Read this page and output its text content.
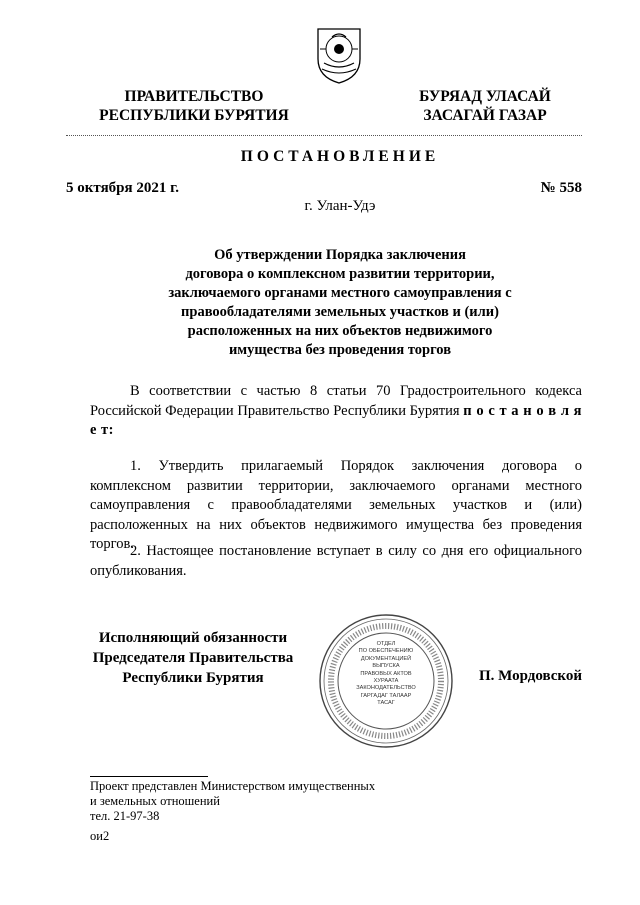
ПРАВИТЕЛЬСТВО
РЕСПУБЛИКИ БУРЯТИЯ
БУРЯАД УЛАСАЙ
ЗАСАГАЙ ГАЗАР
ПОСТАНОВЛЕНИЕ
5 октября 2021 г.	№ 558
г. Улан-Удэ
Об утверждении Порядка заключения
договора о комплексном развитии территории,
заключаемого органами местного самоуправления с
правообладателями земельных участков и (или)
расположенных на них объектов недвижимого
имущества без проведения торгов
В соответствии с частью 8 статьи 70 Градостроительного кодекса Российской Федерации Правительство Республики Бурятия п о с т а н о в л я е т:
1. Утвердить прилагаемый Порядок заключения договора о комплексном развитии территории, заключаемого органами местного самоуправления с правообладателями земельных участков и (или) расположенных на них объектов недвижимого имущества без проведения торгов.
2. Настоящее постановление вступает в силу со дня его официального опубликования.
Исполняющий обязанности
Председателя Правительства
Республики Бурятия	П. Мордовской
ОТДЕЛ
ПО ОБЕСПЕЧЕНИЮ
ДОКУМЕНТАЦИЕЙ
ВЫПУСКА
ПРАВОВЫХ АКТОВ
ХУРААТА
ЗАКОНОДАТЕЛЬСТВО
ГАРГАДАГ ТАЛААР
ТАСАГ
Проект представлен Министерством имущественных
и земельных отношений
тел. 21-97-38
ои2
